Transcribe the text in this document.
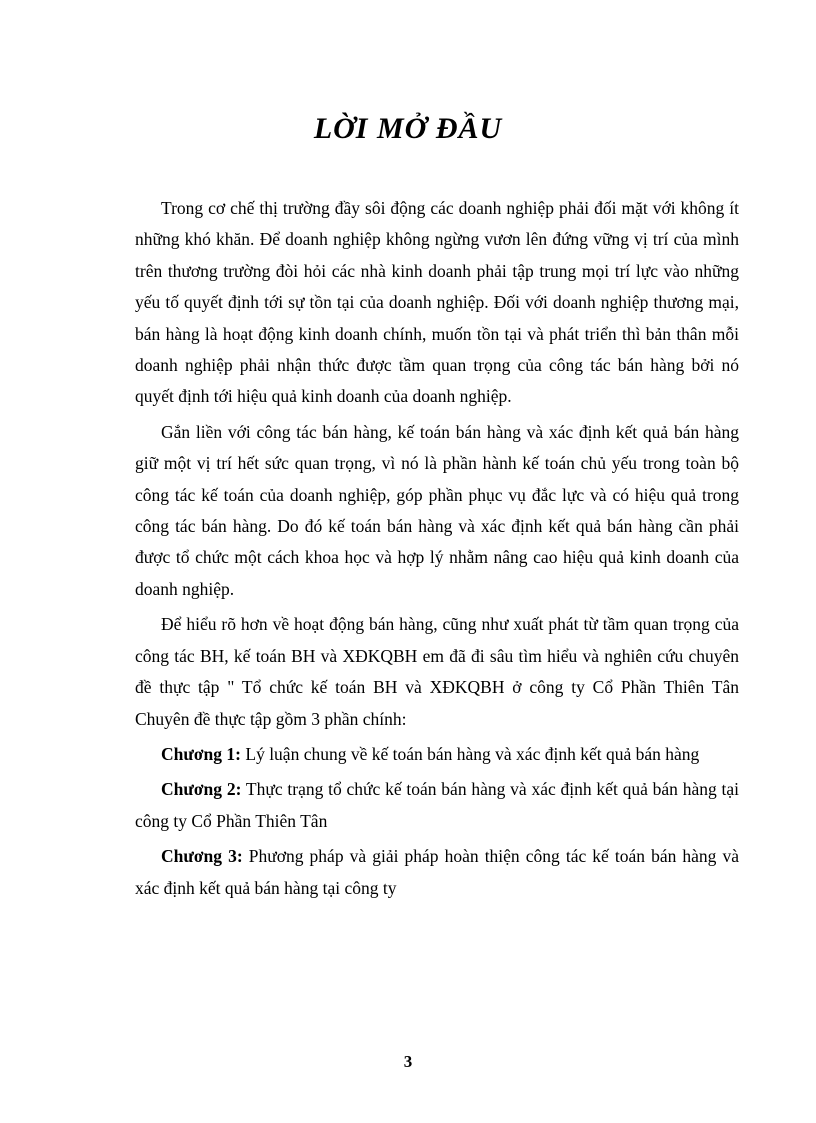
LỜI MỞ ĐẦU

Trong cơ chế thị trường đầy sôi động các doanh nghiệp phải đối mặt với không ít những khó khăn. Để doanh nghiệp không ngừng vươn lên đứng vững vị trí của mình trên thương trường đòi hỏi các nhà kinh doanh phải tập trung mọi trí lực vào những yếu tố quyết định tới sự tồn tại của doanh nghiệp. Đối với doanh nghiệp thương mại, bán hàng là hoạt động kinh doanh chính, muốn tồn tại và phát triển thì bản thân mỗi doanh nghiệp phải nhận thức được tầm quan trọng của công tác bán hàng bởi nó quyết định tới hiệu quả kinh doanh của doanh nghiệp.

Gắn liền với công tác bán hàng, kế toán bán hàng và xác định kết quả bán hàng giữ một vị trí hết sức quan trọng, vì nó là phần hành kế toán chủ yếu trong toàn bộ công tác kế toán của doanh nghiệp, góp phần phục vụ đắc lực và có hiệu quả trong công tác bán hàng. Do đó kế toán bán hàng và xác định kết quả bán hàng cần phải được tổ chức một cách khoa học và hợp lý nhằm nâng cao hiệu quả kinh doanh của doanh nghiệp.

Để hiểu rõ hơn về hoạt động bán hàng, cũng như xuất phát từ tầm quan trọng của công tác BH, kế toán BH và XĐKQBH em đã đi sâu tìm hiểu và nghiên cứu chuyên đề thực tập " Tổ chức kế toán BH và XĐKQBH ở công ty Cổ Phần Thiên Tân Chuyên đề thực tập gồm 3 phần chính:

Chương 1: Lý luận chung về kế toán bán hàng và xác định kết quả bán hàng

Chương 2: Thực trạng tổ chức kế toán bán hàng và xác định kết quả bán hàng tại công ty Cổ Phần Thiên Tân

Chương 3: Phương pháp và giải pháp hoàn thiện công tác kế toán bán hàng và xác định kết quả bán hàng tại công ty

3
